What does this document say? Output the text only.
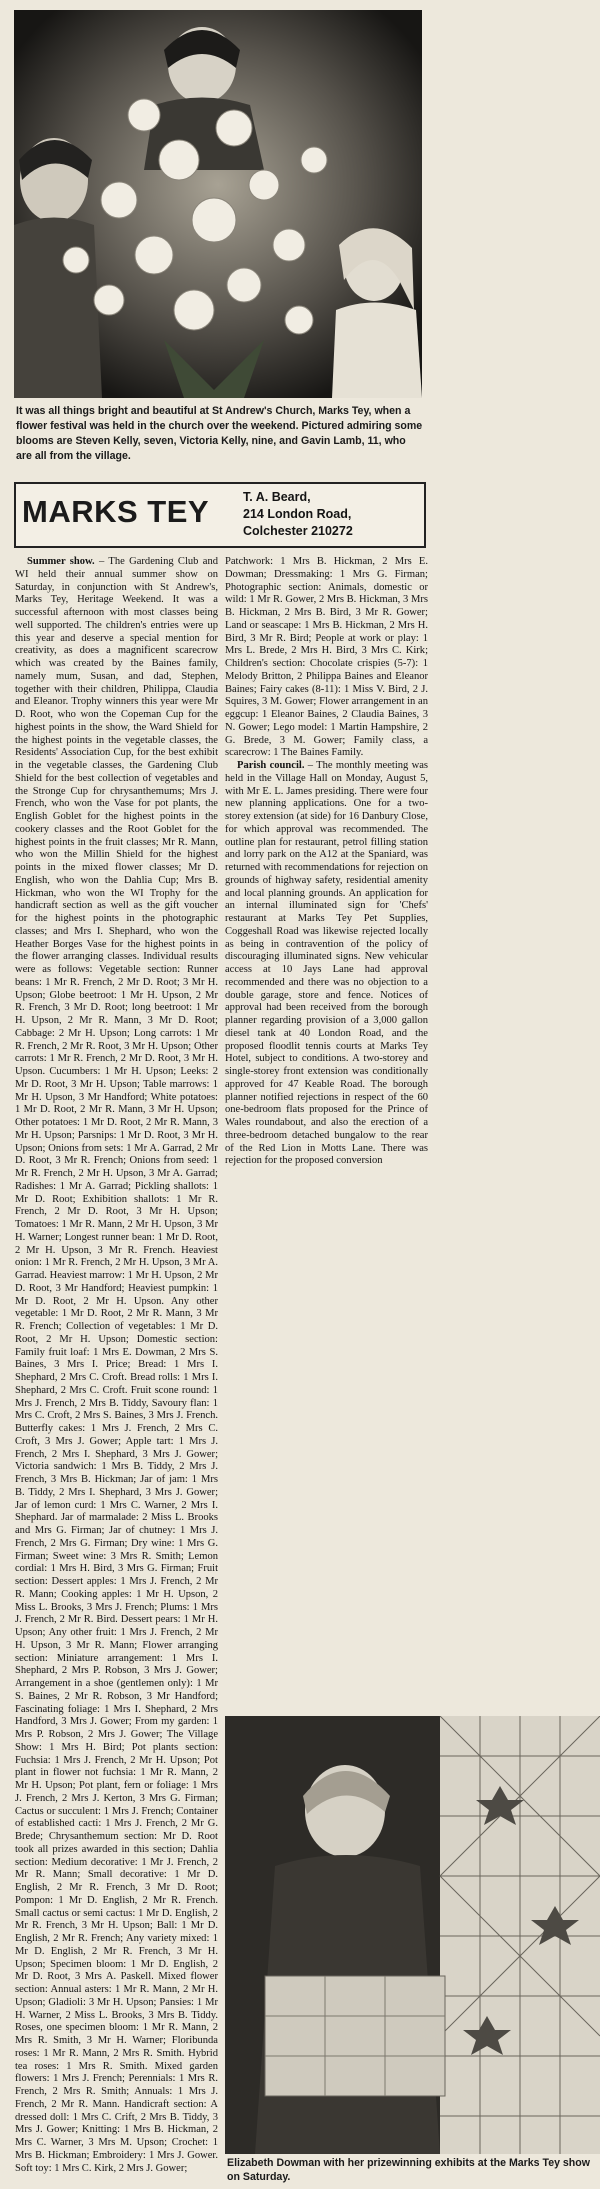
It was all things bright and beautiful at St Andrew's Church, Marks Tey, when a flower festival was held in the church over the weekend. Pictured admiring some blooms are Steven Kelly, seven, Victoria Kelly, nine, and Gavin Lamb, 11, who are all from the village.
MARKS TEY	T. A. Beard,
214 London Road,
Colchester 210272

Summer show. – The Gardening Club and WI held their annual summer show on Saturday, in conjunction with St Andrew's, Marks Tey, Heritage Weekend. It was a successful afternoon with most classes being well supported. The children's entries were up this year and deserve a special mention for creativity, as does a magnificent scarecrow which was created by the Baines family, namely mum, Susan, and dad, Stephen, together with their children, Philippa, Claudia and Eleanor. Trophy winners this year were Mr D. Root, who won the Copeman Cup for the highest points in the show, the Ward Shield for the highest points in the vegetable classes, the Residents' Association Cup, for the best exhibit in the vegetable classes, the Gardening Club Shield for the best collection of vegetables and the Stronge Cup for chrysanthemums; Mrs J. French, who won the Vase for pot plants, the English Goblet for the highest points in the cookery classes and the Root Goblet for the highest points in the fruit classes; Mr R. Mann, who won the Millin Shield for the highest points in the mixed flower classes; Mr D. English, who won the Dahlia Cup; Mrs B. Hickman, who won the WI Trophy for the handicraft section as well as the gift voucher for the highest points in the photographic classes; and Mrs I. Shephard, who won the Heather Borges Vase for the highest points in the flower arranging classes. Individual results were as follows: Vegetable section: Runner beans: 1 Mr R. French, 2 Mr D. Root; 3 Mr H. Upson; Globe beetroot: 1 Mr H. Upson, 2 Mr R. French, 3 Mr D. Root; long beetroot: 1 Mr H. Upson, 2 Mr R. Mann, 3 Mr D. Root; Cabbage: 2 Mr H. Upson; Long carrots: 1 Mr R. French, 2 Mr R. Root, 3 Mr H. Upson; Other carrots: 1 Mr R. French, 2 Mr D. Root, 3 Mr H. Upson. Cucumbers: 1 Mr H. Upson; Leeks: 2 Mr D. Root, 3 Mr H. Upson; Table marrows: 1 Mr H. Upson, 3 Mr Handford; White potatoes: 1 Mr D. Root, 2 Mr R. Mann, 3 Mr H. Upson; Other potatoes: 1 Mr D. Root, 2 Mr R. Mann, 3 Mr H. Upson; Parsnips: 1 Mr D. Root, 3 Mr H. Upson; Onions from sets: 1 Mr A. Garrad, 2 Mr D. Root, 3 Mr R. French; Onions from seed: 1 Mr R. French, 2 Mr H. Upson, 3 Mr A. Garrad; Radishes: 1 Mr A. Garrad; Pickling shallots: 1 Mr D. Root; Exhibition shallots: 1 Mr R. French, 2 Mr D. Root, 3 Mr H. Upson; Tomatoes: 1 Mr R. Mann, 2 Mr H. Upson, 3 Mr H. Warner; Longest runner bean: 1 Mr D. Root, 2 Mr H. Upson, 3 Mr R. French. Heaviest onion: 1 Mr R. French, 2 Mr H. Upson, 3 Mr A. Garrad. Heaviest marrow: 1 Mr H. Upson, 2 Mr D. Root, 3 Mr Handford; Heaviest pumpkin: 1 Mr D. Root, 2 Mr H. Upson. Any other vegetable: 1 Mr D. Root, 2 Mr R. Mann, 3 Mr R. French; Collection of vegetables: 1 Mr D. Root, 2 Mr H. Upson; Domestic section: Family fruit loaf: 1 Mrs E. Dowman, 2 Mrs S. Baines, 3 Mrs I. Price; Bread: 1 Mrs I. Shephard, 2 Mrs C. Croft. Bread rolls: 1 Mrs I. Shephard, 2 Mrs C. Croft. Fruit scone round: 1 Mrs J. French, 2 Mrs B. Tiddy, Savoury flan: 1 Mrs C. Croft, 2 Mrs S. Baines, 3 Mrs J. French. Butterfly cakes: 1 Mrs J. French, 2 Mrs C. Croft, 3 Mrs J. Gower; Apple tart: 1 Mrs J. French, 2 Mrs I. Shephard, 3 Mrs J. Gower; Victoria sandwich: 1 Mrs B. Tiddy, 2 Mrs J. French, 3 Mrs B. Hickman; Jar of jam: 1 Mrs B. Tiddy, 2 Mrs I. Shephard, 3 Mrs J. Gower; Jar of lemon curd: 1 Mrs C. Warner, 2 Mrs I. Shephard. Jar of marmalade: 2 Miss L. Brooks and Mrs G. Firman; Jar of chutney: 1 Mrs J. French, 2 Mrs G. Firman; Dry wine: 1 Mrs G. Firman; Sweet wine: 3 Mrs R. Smith; Lemon cordial: 1 Mrs H. Bird, 3 Mrs G. Firman; Fruit section: Dessert apples: 1 Mrs J. French, 2 Mr R. Mann; Cooking apples: 1 Mr H. Upson, 2 Miss L. Brooks, 3 Mrs J. French; Plums: 1 Mrs J. French, 2 Mr R. Bird. Dessert pears: 1 Mr H. Upson; Any other fruit: 1 Mrs J. French, 2 Mr H. Upson, 3 Mr R. Mann; Flower arranging section: Miniature arrangement: 1 Mrs I. Shephard, 2 Mrs P. Robson, 3 Mrs J. Gower; Arrangement in a shoe (gentlemen only): 1 Mr S. Baines, 2 Mr R. Robson, 3 Mr Handford; Fascinating foliage: 1 Mrs I. Shephard, 2 Mrs Handford, 3 Mrs J. Gower; From my garden: 1 Mrs P. Robson, 2 Mrs J. Gower; The Village Show: 1 Mrs H. Bird; Pot plants section: Fuchsia: 1 Mrs J. French, 2 Mr H. Upson; Pot plant in flower not fuchsia: 1 Mr R. Mann, 2 Mr H. Upson; Pot plant, fern or foliage: 1 Mrs J. French, 2 Mrs J. Kerton, 3 Mrs G. Firman; Cactus or succulent: 1 Mrs J. French; Container of established cacti: 1 Mrs J. French, 2 Mr G. Brede; Chrysanthemum section: Mr D. Root took all prizes awarded in this section; Dahlia section: Medium decorative: 1 Mr J. French, 2 Mr R. Mann; Small decorative: 1 Mr D. English, 2 Mr R. French, 3 Mr D. Root; Pompon: 1 Mr D. English, 2 Mr R. French. Small cactus or semi cactus: 1 Mr D. English, 2 Mr R. French, 3 Mr H. Upson; Ball: 1 Mr D. English, 2 Mr R. French; Any variety mixed: 1 Mr D. English, 2 Mr R. French, 3 Mr H. Upson; Specimen bloom: 1 Mr D. English, 2 Mr D. Root, 3 Mrs A. Paskell. Mixed flower section: Annual asters: 1 Mr R. Mann, 2 Mr H. Upson; Gladioli: 3 Mr H. Upson; Pansies: 1 Mr H. Warner, 2 Miss L. Brooks, 3 Mrs B. Tiddy. Roses, one specimen bloom: 1 Mr R. Mann, 2 Mrs R. Smith, 3 Mr H. Warner; Floribunda roses: 1 Mr R. Mann, 2 Mrs R. Smith. Hybrid tea roses: 1 Mrs R. Smith. Mixed garden flowers: 1 Mrs J. French; Perennials: 1 Mrs R. French, 2 Mrs R. Smith; Annuals: 1 Mrs J. French, 2 Mr R. Mann. Handicraft section: A dressed doll: 1 Mrs C. Crift, 2 Mrs B. Tiddy, 3 Mrs J. Gower; Knitting: 1 Mrs B. Hickman, 2 Mrs C. Warner, 3 Mrs M. Upson; Crochet: 1 Mrs B. Hickman; Embroidery: 1 Mrs J. Gower. Soft toy: 1 Mrs C. Kirk, 2 Mrs J. Gower;

Patchwork: 1 Mrs B. Hickman, 2 Mrs E. Dowman; Dressmaking: 1 Mrs G. Firman; Photographic section: Animals, domestic or wild: 1 Mr R. Gower, 2 Mrs B. Hickman, 3 Mrs B. Hickman, 2 Mrs B. Bird, 3 Mr R. Gower; Land or seascape: 1 Mrs B. Hickman, 2 Mrs H. Bird, 3 Mr R. Bird; People at work or play: 1 Mrs L. Brede, 2 Mrs H. Bird, 3 Mrs C. Kirk; Children's section: Chocolate crispies (5-7): 1 Melody Britton, 2 Philippa Baines and Eleanor Baines; Fairy cakes (8-11): 1 Miss V. Bird, 2 J. Squires, 3 M. Gower; Flower arrangement in an eggcup: 1 Eleanor Baines, 2 Claudia Baines, 3 N. Gower; Lego model: 1 Martin Hampshire, 2 G. Brede, 3 M. Gower; Family class, a scarecrow: 1 The Baines Family.

Parish council. – The monthly meeting was held in the Village Hall on Monday, August 5, with Mr E. L. James presiding. There were four new planning applications. One for a two-storey extension (at side) for 16 Danbury Close, for which approval was recommended. The outline plan for restaurant, petrol filling station and lorry park on the A12 at the Spaniard, was returned with recommendations for rejection on grounds of highway safety, residential amenity and local planning grounds. An application for an internal illuminated sign for 'Chefs' restaurant at Marks Tey Pet Supplies, Coggeshall Road was likewise rejected locally as being in contravention of the policy of discouraging illuminated signs. New vehicular access at 10 Jays Lane had approval recommended and there was no objection to a double garage, store and fence. Notices of approval had been received from the borough planner regarding provision of a 3,000 gallon diesel tank at 40 London Road, and the proposed floodlit tennis courts at Marks Tey Hotel, subject to conditions. A two-storey and single-storey front extension was conditionally approved for 47 Keable Road. The borough planner notified rejections in respect of the 60 one-bedroom flats proposed for the Prince of Wales roundabout, and also the erection of a three-bedroom detached bungalow to the rear of the Red Lion in Motts Lane. There was rejection for the proposed conversion

Elizabeth Dowman with her prizewinning exhibits at the Marks Tey show on Saturday.
